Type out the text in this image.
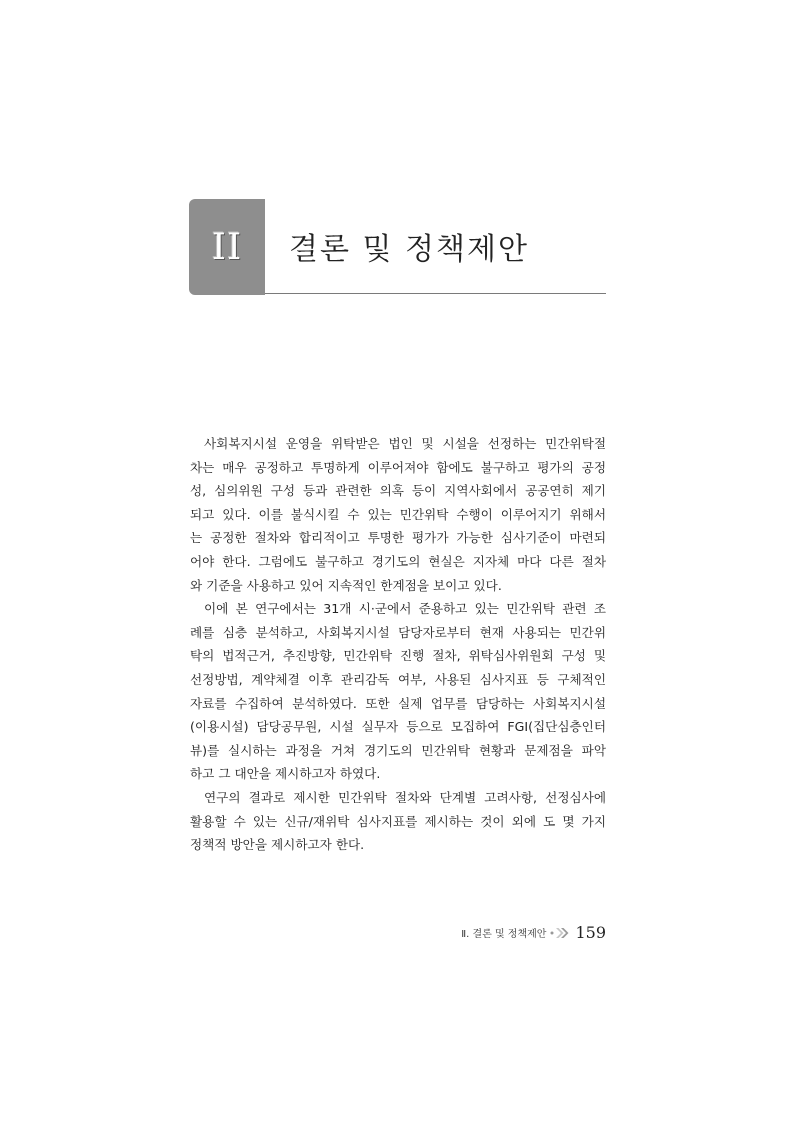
II 결론 및 정책제안
사회복지시설 운영을 위탁받은 법인 및 시설을 선정하는 민간위탁절
차는 매우 공정하고 투명하게 이루어져야 함에도 불구하고 평가의 공정
성, 심의위원 구성 등과 관련한 의혹 등이 지역사회에서 공공연히 제기
되고 있다. 이를 불식시킬 수 있는 민간위탁 수행이 이루어지기 위해서
는 공정한 절차와 합리적이고 투명한 평가가 가능한 심사기준이 마련되
어야 한다. 그럼에도 불구하고 경기도의 현실은 지자체 마다 다른 절차
와 기준을 사용하고 있어 지속적인 한계점을 보이고 있다.
이에 본 연구에서는 31개 시·군에서 준용하고 있는 민간위탁 관련 조
례를 심층 분석하고, 사회복지시설 담당자로부터 현재 사용되는 민간위
탁의 법적근거, 추진방향, 민간위탁 진행 절차, 위탁심사위원회 구성 및
선정방법, 계약체결 이후 관리감독 여부, 사용된 심사지표 등 구체적인
자료를 수집하여 분석하였다. 또한 실제 업무를 담당하는 사회복지시설
(이용시설) 담당공무원, 시설 실무자 등으로 모집하여 FGI(집단심층인터
뷰)를 실시하는 과정을 거쳐 경기도의 민간위탁 현황과 문제점을 파악
하고 그 대안을 제시하고자 하였다.
연구의 결과로 제시한 민간위탁 절차와 단계별 고려사항, 선정심사에
활용할 수 있는 신규/재위탁 심사지표를 제시하는 것이 외에 도 몇 가지
정책적 방안을 제시하고자 한다.
Ⅱ. 결론 및 정책제안 159
